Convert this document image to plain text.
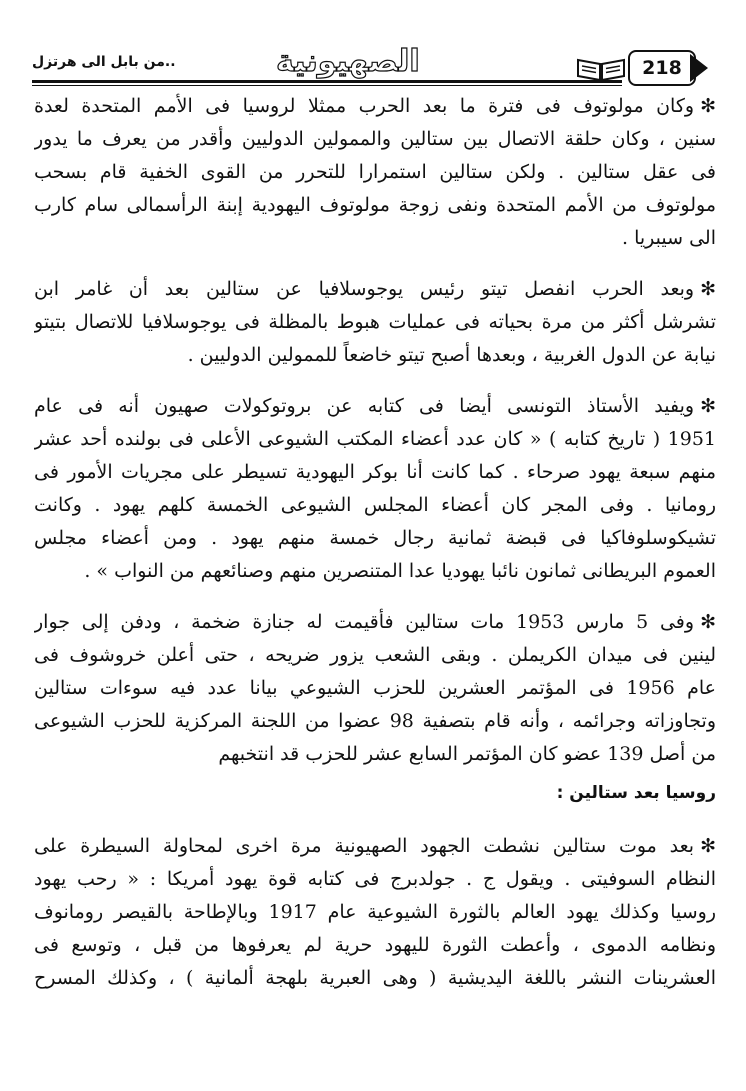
..من بابل الى هرتزل	الصهيونية	218
✻وكان مولوتوف فى فترة ما بعد الحرب ممثلا لروسيا فى الأمم المتحدة لعدة
سنين ، وكان حلقة الاتصال بين ستالين والممولين الدوليين وأقدر من يعرف ما يدور
فى عقل ستالين . ولكن ستالين استمرارا للتحرر من القوى الخفية قام بسحب
مولوتوف من الأمم المتحدة ونفى زوجة مولوتوف اليهودية إبنة الرأسمالى سام كارب
الى سيبريا .
✻وبعد الحرب انفصل تيتو رئيس يوجوسلافيا عن ستالين بعد أن غامر ابن
تشرشل أكثر من مرة بحياته فى عمليات هبوط بالمظلة فى يوجوسلافيا للاتصال بتيتو
نيابة عن الدول الغربية ، وبعدها أصبح تيتو خاضعاً للممولين الدوليين .
✻ويفيد الأستاذ التونسى أيضا فى كتابه عن بروتوكولات صهيون أنه فى عام
1951 ( تاريخ كتابه ) « كان عدد أعضاء المكتب الشيوعى الأعلى فى بولنده أحد عشر
منهم سبعة يهود صرحاء . كما كانت أنا بوكر اليهودية تسيطر على مجريات الأمور فى
رومانيا . وفى المجر كان أعضاء المجلس الشيوعى الخمسة كلهم يهود . وكانت
تشيكوسلوفاكيا فى قبضة ثمانية رجال خمسة منهم يهود . ومن أعضاء مجلس
العموم البريطانى ثمانون نائبا يهوديا عدا المتنصرين منهم وصنائعهم من النواب » .
✻وفى 5 مارس 1953 مات ستالين فأقيمت له جنازة ضخمة ، ودفن إلى جوار
لينين فى ميدان الكريملن . وبقى الشعب يزور ضريحه ، حتى أعلن خروشوف فى
عام 1956 فى المؤتمر العشرين للحزب الشيوعي بيانا عدد فيه سوءات ستالين
وتجاوزاته وجرائمه ، وأنه قام بتصفية 98 عضوا من اللجنة المركزية للحزب الشيوعى
من أصل 139 عضو كان المؤتمر السابع عشر للحزب قد انتخبهم
روسيا بعد ستالين :
✻بعد موت ستالين نشطت الجهود الصهيونية مرة اخرى لمحاولة السيطرة على
النظام السوفيتى . ويقول ج . جولدبرج فى كتابه قوة يهود أمريكا : « رحب يهود
روسيا وكذلك يهود العالم بالثورة الشيوعية عام 1917 وبالإطاحة بالقيصر رومانوف
ونظامه الدموى ، وأعطت الثورة لليهود حرية لم يعرفوها من قبل ، وتوسع فى
العشرينات النشر باللغة اليديشية ( وهى العبرية بلهجة ألمانية ) ، وكذلك المسرح
